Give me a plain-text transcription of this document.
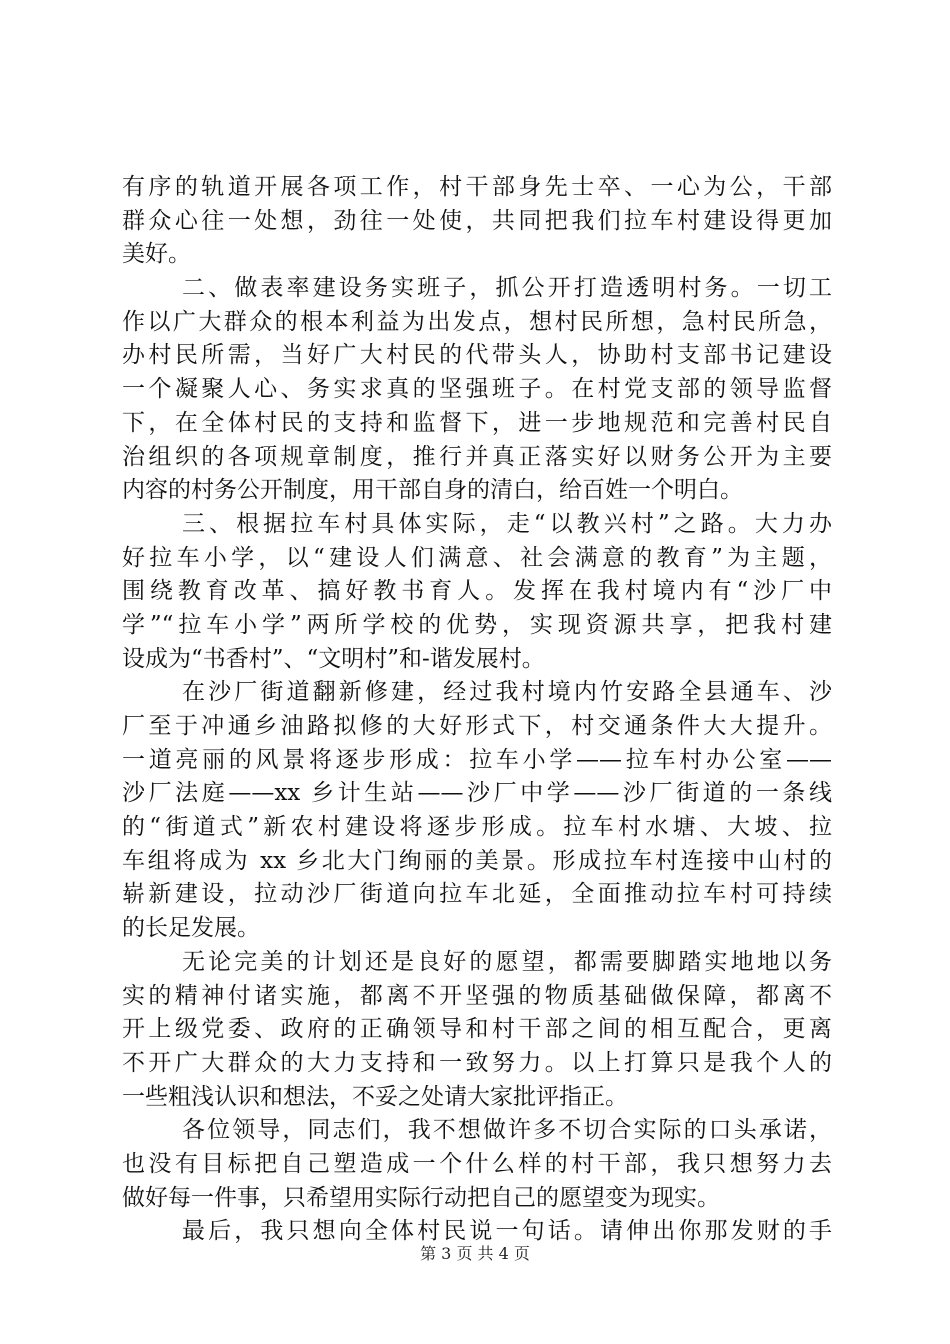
有序的轨道开展各项工作，村干部身先士卒、一心为公，干部
群众心往一处想，劲往一处使，共同把我们拉车村建设得更加
美好。
二、做表率建设务实班子，抓公开打造透明村务。一切工
作以广大群众的根本利益为出发点，想村民所想，急村民所急，
办村民所需，当好广大村民的代带头人，协助村支部书记建设
一个凝聚人心、务实求真的坚强班子。在村党支部的领导监督
下，在全体村民的支持和监督下，进一步地规范和完善村民自
治组织的各项规章制度，推行并真正落实好以财务公开为主要
内容的村务公开制度，用干部自身的清白，给百姓一个明白。
三、根据拉车村具体实际，走“以教兴村”之路。大力办
好拉车小学，以“建设人们满意、社会满意的教育”为主题，
围绕教育改革、搞好教书育人。发挥在我村境内有“沙厂中
学”“拉车小学”两所学校的优势，实现资源共享，把我村建
设成为“书香村”、“文明村”和-谐发展村。
在沙厂街道翻新修建，经过我村境内竹安路全县通车、沙
厂至于冲通乡油路拟修的大好形式下，村交通条件大大提升。
一道亮丽的风景将逐步形成：拉车小学——拉车村办公室——
沙厂法庭——xx 乡计生站——沙厂中学——沙厂街道的一条线
的“街道式”新农村建设将逐步形成。拉车村水塘、大坡、拉
车组将成为 xx 乡北大门绚丽的美景。形成拉车村连接中山村的
崭新建设，拉动沙厂街道向拉车北延，全面推动拉车村可持续
的长足发展。
无论完美的计划还是良好的愿望，都需要脚踏实地地以务
实的精神付诸实施，都离不开坚强的物质基础做保障，都离不
开上级党委、政府的正确领导和村干部之间的相互配合，更离
不开广大群众的大力支持和一致努力。以上打算只是我个人的
一些粗浅认识和想法，不妥之处请大家批评指正。
各位领导，同志们，我不想做许多不切合实际的口头承诺，
也没有目标把自己塑造成一个什么样的村干部，我只想努力去
做好每一件事，只希望用实际行动把自己的愿望变为现实。
最后，我只想向全体村民说一句话。请伸出你那发财的手
第 3 页 共 4 页
